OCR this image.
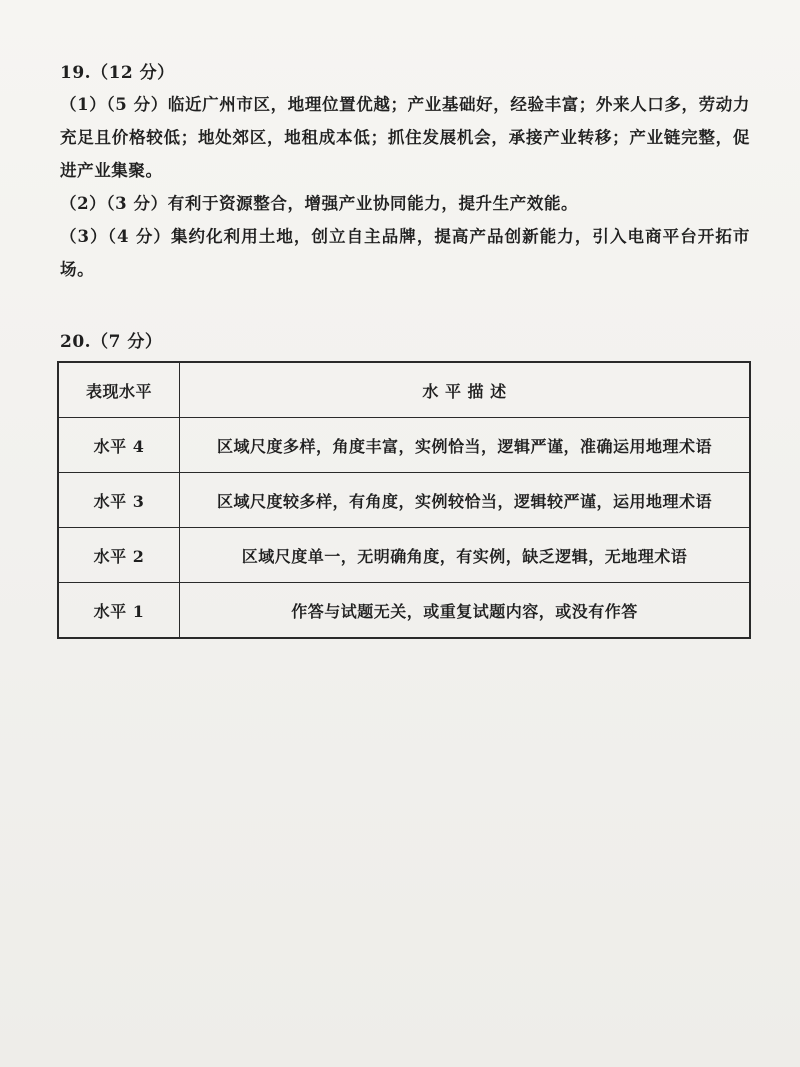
19.（12 分）
（1）（5 分）临近广州市区，地理位置优越；产业基础好，经验丰富；外来人口多，劳动力充足且价格较低；地处郊区，地租成本低；抓住发展机会，承接产业转移；产业链完整，促进产业集聚。
（2）（3 分）有利于资源整合，增强产业协同能力，提升生产效能。
（3）（4 分）集约化利用土地，创立自主品牌，提高产品创新能力，引入电商平台开拓市场。
20.（7 分）
表现水平	水 平 描 述
水平 4	区域尺度多样，角度丰富，实例恰当，逻辑严谨，准确运用地理术语
水平 3	区域尺度较多样，有角度，实例较恰当，逻辑较严谨，运用地理术语
水平 2	区域尺度单一，无明确角度，有实例，缺乏逻辑，无地理术语
水平 1	作答与试题无关，或重复试题内容，或没有作答
